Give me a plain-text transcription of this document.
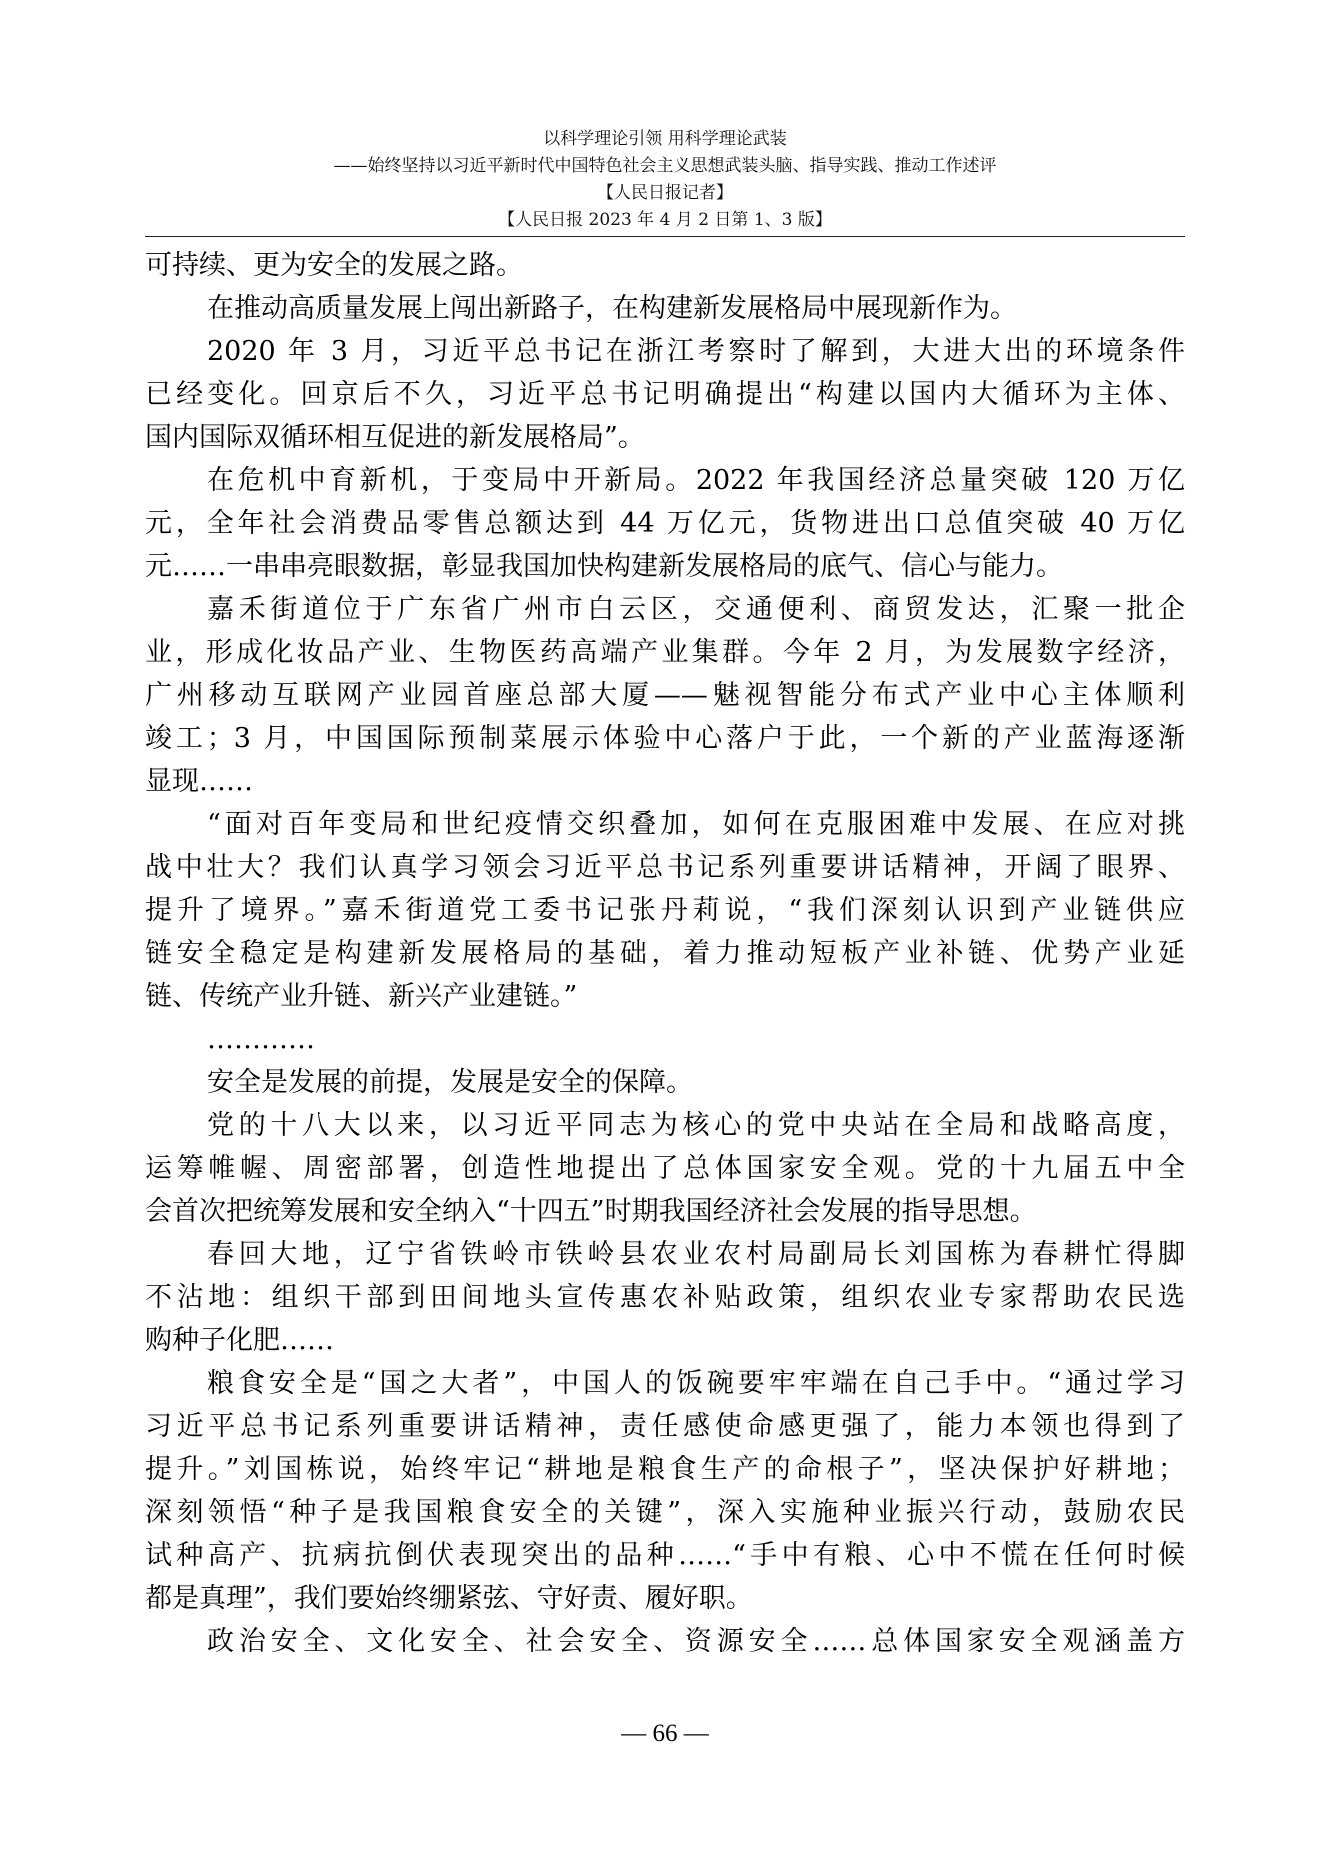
以科学理论引领 用科学理论武装
——始终坚持以习近平新时代中国特色社会主义思想武装头脑、指导实践、推动工作述评
【人民日报记者】
【人民日报 2023 年 4 月 2 日第 1、3 版】
可持续、更为安全的发展之路。
在推动高质量发展上闯出新路子，在构建新发展格局中展现新作为。
2020 年 3 月，习近平总书记在浙江考察时了解到，大进大出的环境条件
已经变化。回京后不久，习近平总书记明确提出“构建以国内大循环为主体、
国内国际双循环相互促进的新发展格局”。
在危机中育新机，于变局中开新局。2022 年我国经济总量突破 120 万亿
元，全年社会消费品零售总额达到 44 万亿元，货物进出口总值突破 40 万亿
元……一串串亮眼数据，彰显我国加快构建新发展格局的底气、信心与能力。
嘉禾街道位于广东省广州市白云区，交通便利、商贸发达，汇聚一批企
业，形成化妆品产业、生物医药高端产业集群。今年 2 月，为发展数字经济，
广州移动互联网产业园首座总部大厦——魅视智能分布式产业中心主体顺利
竣工；3 月，中国国际预制菜展示体验中心落户于此，一个新的产业蓝海逐渐
显现……
“面对百年变局和世纪疫情交织叠加，如何在克服困难中发展、在应对挑
战中壮大？我们认真学习领会习近平总书记系列重要讲话精神，开阔了眼界、
提升了境界。”嘉禾街道党工委书记张丹莉说，“我们深刻认识到产业链供应
链安全稳定是构建新发展格局的基础，着力推动短板产业补链、优势产业延
链、传统产业升链、新兴产业建链。”
…………
安全是发展的前提，发展是安全的保障。
党的十八大以来，以习近平同志为核心的党中央站在全局和战略高度，
运筹帷幄、周密部署，创造性地提出了总体国家安全观。党的十九届五中全
会首次把统筹发展和安全纳入“十四五”时期我国经济社会发展的指导思想。
春回大地，辽宁省铁岭市铁岭县农业农村局副局长刘国栋为春耕忙得脚
不沾地：组织干部到田间地头宣传惠农补贴政策，组织农业专家帮助农民选
购种子化肥……
粮食安全是“国之大者”，中国人的饭碗要牢牢端在自己手中。“通过学习
习近平总书记系列重要讲话精神，责任感使命感更强了，能力本领也得到了
提升。”刘国栋说，始终牢记“耕地是粮食生产的命根子”，坚决保护好耕地；
深刻领悟“种子是我国粮食安全的关键”，深入实施种业振兴行动，鼓励农民
试种高产、抗病抗倒伏表现突出的品种……“手中有粮、心中不慌在任何时候
都是真理”，我们要始终绷紧弦、守好责、履好职。
政治安全、文化安全、社会安全、资源安全……总体国家安全观涵盖方
— 66 —
